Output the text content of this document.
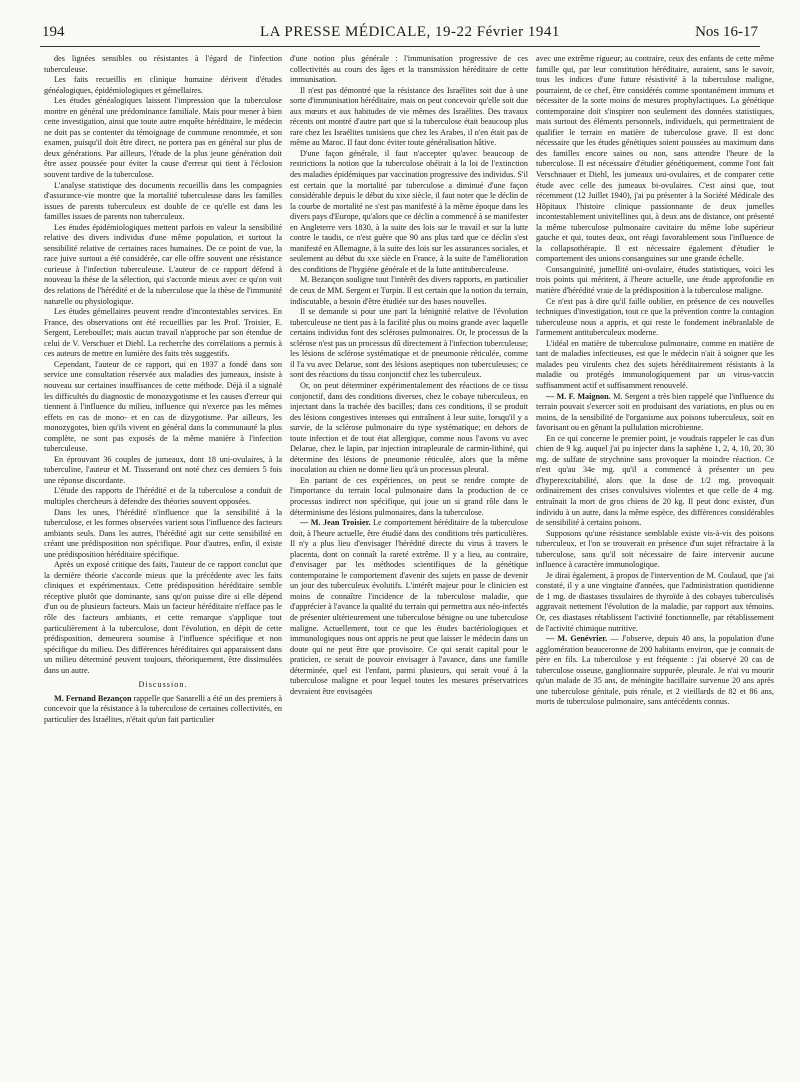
194	LA PRESSE MÉDICALE, 19-22 Février 1941	Nos 16-17

des lignées sensibles ou résistantes à l'égard de l'infection tuberculeuse.

Les faits recueillis en clinique humaine dérivent d'études généalogiques, épidémiologiques et gémellaires.

Les études généalogiques laissent l'impression que la tuberculose montre en général une prédominance familiale. Mais pour mener à bien cette investigation, ainsi que toute autre enquête héréditaire, le médecin ne doit pas se contenter du témoignage de commune renommée, et son examen, puisqu'il doit être direct, ne portera pas en général sur plus de deux générations. Par ailleurs, l'étude de la plus jeune génération doit être assez poussée pour éviter la cause d'erreur qui tient à l'éclosion souvent tardive de la tuberculose.

L'analyse statistique des documents recueillis dans les compagnies d'assurance-vie montre que la mortalité tuberculeuse dans les familles issues de parents tuberculeux est double de ce qu'elle est dans les familles issues de parents non tuberculeux.

Les études épidémiologiques mettent parfois en valeur la sensibilité relative des divers individus d'une même population, et surtout la sensibilité relative de certaines races humaines. De ce point de vue, la race juive surtout a été considérée, car elle offre souvent une résistance curieuse à l'infection tuberculeuse. L'auteur de ce rapport défend à nouveau la thèse de la sélection, qui s'accorde mieux avec ce qu'on voit des relations de l'hérédité et de la tuberculose que la thèse de l'immunité naturelle ou physiologique.

Les études gémellaires peuvent rendre d'incontestables services. En France, des observations ont été recueillies par les Prof. Troisier, E. Sergent, Lereboullet; mais aucun travail n'approche par son étendue de celui de V. Verschuer et Diehl. La recherche des corrélations a permis à ces auteurs de mettre en lumière des faits très suggestifs.

Cependant, l'auteur de ce rapport, qui en 1937 a fondé dans son service une consultation réservée aux maladies des jumeaux, insiste à nouveau sur certaines insuffisances de cette méthode. Déjà il a signalé les difficultés du diagnostic de monozygotisme et les causes d'erreur qui tiennent à l'influence du milieu, influence qui n'exerce pas les mêmes effets en cas de mono- et en cas de dizygotisme. Par ailleurs, les monozygotes, bien qu'ils vivent en général dans la communauté la plus complète, ne sont pas exposés de la même manière à l'infection tuberculeuse.

En éprouvant 36 couples de jumeaux, dont 18 uni-ovulaires, à la tuberculine, l'auteur et M. Tissserand ont noté chez ces derniers 5 fois une réponse discordante.

L'étude des rapports de l'hérédité et de la tuberculose a conduit de multiples chercheurs à défendre des théories souvent opposées.

Dans les unes, l'hérédité n'influence que la sensibilité à la tuberculose, et les formes observées varient sous l'influence des facteurs ambiants seuls. Dans les autres, l'hérédité agit sur cette sensibilité en créant une prédisposition non spécifique. Pour d'autres, enfin, il existe une prédisposition héréditaire spécifique.

Après un exposé critique des faits, l'auteur de ce rapport conclut que la dernière théorie s'accorde mieux que la précédente avec les faits cliniques et expérimentaux. Cette prédisposition héréditaire semble réceptive plutôt que dominante, sans qu'on puisse dire si elle dépend d'un ou de plusieurs facteurs. Mais un facteur héréditaire n'efface pas le rôle des facteurs ambiants, et cette remarque s'applique tout particulièrement à la tuberculose, dont l'évolution, en dépit de cette prédisposition, demeurera soumise à l'influence spécifique et non spécifique du milieu. Des différences héréditaires qui apparaissent dans un milieu déterminé peuvent toujours, théoriquement, être dissimulées dans un autre.

Discussion.

M. Fernand Bezançon rappelle que Sanarelli a été un des premiers à concevoir que la résistance à la tuberculose de certaines collectivités, en particulier des Israélites, n'était qu'un fait particulier

d'une notion plus générale : l'immunisation progressive de ces collectivités au cours des âges et la transmission héréditaire de cette immunisation.

Il n'est pas démontré que la résistance des Israélites soit due à une sorte d'immunisation héréditaire, mais on peut concevoir qu'elle soit due aux mœurs et aux habitudes de vie mêmes des Israélites. Des travaux récents ont montré d'autre part que si la tuberculose était beaucoup plus rare chez les Israélites tunisiens que chez les Arabes, il n'en était pas de même au Maroc. Il faut donc éviter toute généralisation hâtive.

D'une façon générale, il faut n'accepter qu'avec beaucoup de restrictions la notion que la tuberculose obéirait à la loi de l'extinction des maladies épidémiques par vaccination progressive des individus. S'il est certain que la mortalité par tuberculose a diminué d'une façon considérable depuis le début du xixe siècle, il faut noter que le déclin de la courbe de mortalité ne s'est pas manifesté à la même époque dans les divers pays d'Europe, qu'alors que ce déclin a commencé à se manifester en Angleterre vers 1830, à la suite des lois sur le travail et sur la lutte contre le taudis, ce n'est guère que 90 ans plus tard que ce déclin s'est manifesté en Allemagne, à la suite des lois sur les assurances sociales, et seulement au début du xxe siècle en France, à la suite de l'amélioration des conditions de l'hygiène générale et de la lutte antituberculeuse.

M. Bezançon souligne tout l'intérêt des divers rapports, en particulier de ceux de MM. Sergent et Turpin. Il est certain que la notion du terrain, indiscutable, a besoin d'être étudiée sur des bases nouvelles.

Il se demande si pour une part la bénignité relative de l'évolution tuberculeuse ne tient pas à la facilité plus ou moins grande avec laquelle certains individus font des scléroses pulmonaires. Or, le processus de la sclérose n'est pas un processus dû directement à l'infection tuberculeuse; les lésions de sclérose systématique et de pneumonie réticulée, comme il l'a vu avec Delarue, sont des lésions aseptiques non tuberculeuses; ce sont des réactions du tissu conjonctif chez les tuberculeux.

Or, on peut déterminer expérimentalement des réactions de ce tissu conjonctif, dans des conditions diverses, chez le cobaye tuberculeux, en injectant dans la trachée des bacilles; dans ces conditions, il se produit des lésions congestives intenses qui entraînent à leur suite, lorsqu'il y a survie, de la sclérose pulmonaire du type systématique; en dehors de toute infection et de tout état allergique, comme nous l'avons vu avec Delarue, chez le lapin, par injection intrapleurale de carmin-lithiné, qui détermine des lésions de pneumonie réticulée, alors que la même inoculation au chien ne donne lieu qu'à un processus pleural.

En partant de ces expériences, on peut se rendre compte de l'importance du terrain local pulmonaire dans la production de ce processus indirect non spécifique, qui joue un si grand rôle dans le déterminisme des lésions pulmonaires, dans la tuberculose.

— M. Jean Troisier. Le comportement héréditaire de la tuberculose doit, à l'heure actuelle, être étudié dans des conditions très particulières. Il n'y a plus lieu d'envisager l'hérédité directe du virus à travers le placenta, dont on connaît la rareté extrême. Il y a lieu, au contraire, d'envisager par les méthodes scientifiques de la génétique contemporaine le comportement d'avenir des sujets en passe de devenir un jour des tuberculeux évolutifs. L'intérêt majeur pour le clinicien est moins de connaître l'incidence de la tuberculose maladie, que d'apprécier à l'avance la qualité du terrain qui permettra aux néo-infectés de présenter ultérieurement une tuberculose bénigne ou une tuberculose maligne. Actuellement, tout ce que les études bactériologiques et immunologiques nous ont appris ne peut que laisser le médecin dans un doute qui ne peut être que provisoire. Ce qui serait capital pour le praticien, ce serait de pouvoir envisager à l'avance, dans une famille déterminée, quel est l'enfant, parmi plusieurs, qui serait voué à la tuberculose maligne et pour lequel toutes les mesures préservatrices devraient être envisagées

avec une extrême rigueur; au contraire, ceux des enfants de cette même famille qui, par leur constitution héréditaire, auraient, sans le savoir, tous les indices d'une future résistivité à la tuberculose maligne, pourraient, de ce chef, être considérés comme spontanément immuns et nécessiter de la sorte moins de mesures prophylactiques. La génétique contemporaine doit s'inspirer non seulement des données statistiques, mais surtout des éléments personnels, individuels, qui permettraient de qualifier le terrain en matière de tuberculose grave. Il est donc nécessaire que les études génétiques soient poussées au maximum dans des familles encore saines ou non, sans attendre l'heure de la tuberculose. Il est nécessaire d'étudier génétiquement, comme l'ont fait Verschnauer et Diehl, les jumeaux uni-ovulaires, et de comparer cette étude avec celle des jumeaux bi-ovulaires. C'est ainsi que, tout récemment (12 Juillet 1940), j'ai pu présenter à la Société Médicale des Hôpitaux l'histoire clinique passionnante de deux jumelles incontestablement univitellines qui, à deux ans de distance, ont présenté la même tuberculose pulmonaire cavitaire du même lobe supérieur gauche et qui, toutes deux, ont réagi favorablement sous l'influence de la collapsothérapie. Il est nécessaire également d'étudier le comportement des unions consanguines sur une grande échelle.

Consanguinité, jumellité uni-ovulaire, études statistiques, voici les trois points qui méritent, à l'heure actuelle, une étude approfondie en matière d'hérédité vraie de la prédisposition à la tuberculose maligne.

Ce n'est pas à dire qu'il faille oublier, en présence de ces nouvelles techniques d'investigation, tout ce que la prévention contre la contagion tuberculeuse nous a appris, et qui reste le fondement inébranlable de l'armement antituberculeux moderne.

L'idéal en matière de tuberculose pulmonaire, comme en matière de tant de maladies infectieuses, est que le médecin n'ait à soigner que les malades peu virulents chez des sujets héréditairement résistants à la maladie ou protégés immunologiquement par un virus-vaccin suffisamment actif et suffisamment renouvelé.

— M. F. Maignon. M. Sergent a très bien rappelé que l'influence du terrain pouvait s'exercer soit en produisant des variations, en plus ou en moins, de la sensibilité de l'organisme aux poisons tuberculeux, soit en favorisant ou en gênant la pullulation microbienne.

En ce qui concerne le premier point, je voudrais rappeler le cas d'un chien de 9 kg. auquel j'ai pu injecter dans la saphène 1, 2, 4, 10, 20, 30 mg. de sulfate de strychnine sans provoquer la moindre réaction. Ce n'est qu'au 34e mg. qu'il a commencé à présenter un peu d'hyperexcitabilité, alors que la dose de 1/2 mg. provoquait ordinairement des crises convulsives violentes et que celle de 4 mg. entraînait la mort de gros chiens de 20 kg. Il peut donc exister, d'un individu à un autre, dans la même espèce, des différences considérables de sensibilité à certains poisons.

Supposons qu'une résistance semblable existe vis-à-vis des poisons tuberculeux, et l'on se trouverait en présence d'un sujet réfractaire à la tuberculose, sans qu'il soit nécessaire de faire intervenir aucune influence à caractère immunologique.

Je dirai également, à propos de l'intervention de M. Coulaud, que j'ai constaté, il y a une vingtaine d'années, que l'administration quotidienne de 1 mg. de diastases tissulaires de thyroïde à des cobayes tuberculisés aggravait nettement l'évolution de la maladie, par rapport aux témoins. Or, ces diastases rétablissent l'activité fonctionnelle, par rétablissement de l'activité chimique nutritive.

— M. Genévrier. — J'observe, depuis 40 ans, la population d'une agglomération beauceronne de 200 habitants environ, que je connais de père en fils. La tuberculose y est fréquente : j'ai observé 20 cas de tuberculose osseuse, ganglionnaire suppurée, pleurale. Je n'ai vu mourir qu'un malade de 35 ans, de méningite bacillaire survenue 20 ans après une tuberculose génitale, puis rénale, et 2 vieillards de 82 et 86 ans, morts de tuberculose pulmonaire, sans antécédents connus.
